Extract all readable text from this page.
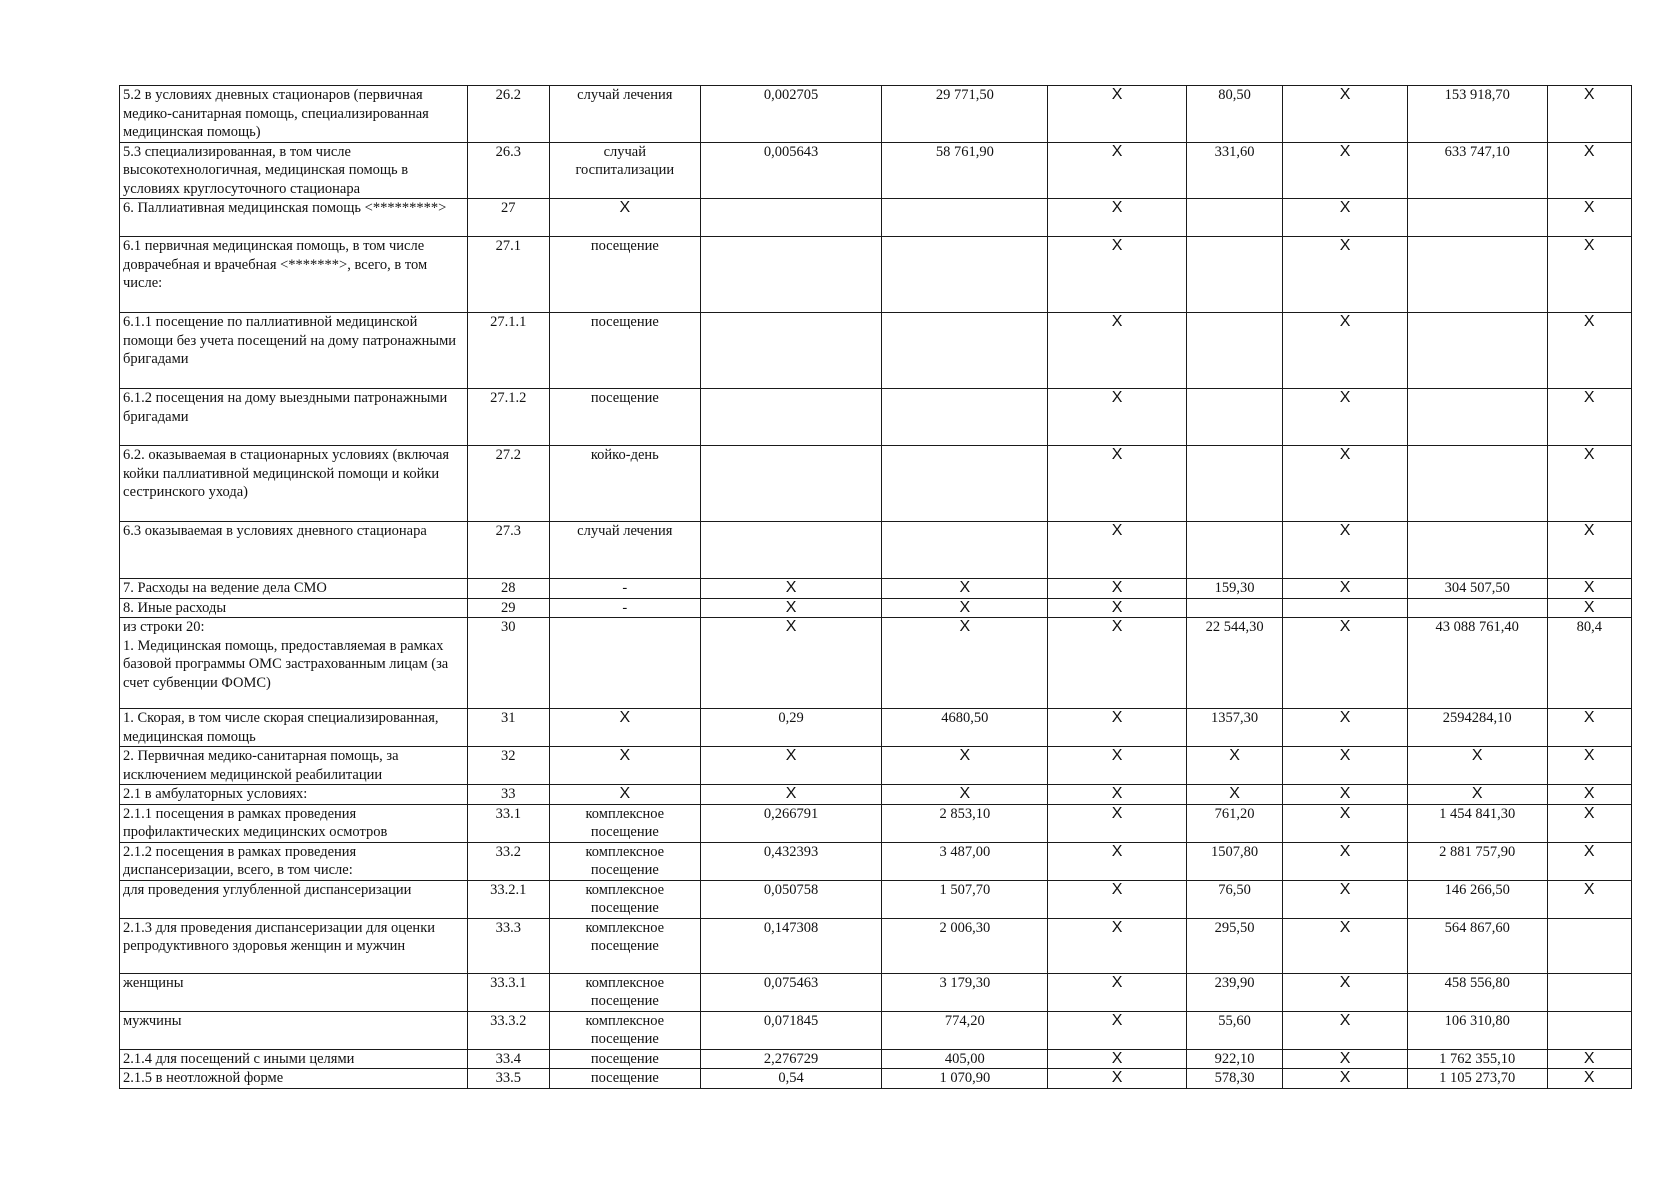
5.2 в условиях дневных стационаров (первичная медико-санитарная помощь, специализированная медицинская помощь)	26.2	случай лечения	0,002705	29 771,50	X	80,50	X	153 918,70	X
5.3 специализированная, в том числе высокотехнологичная, медицинская помощь в условиях круглосуточного стационара	26.3	случай госпитализации	0,005643	58 761,90	X	331,60	X	633 747,10	X
6. Паллиативная медицинская помощь <*********>	27	X			X		X		X
6.1 первичная медицинская помощь, в том числе доврачебная и врачебная <*******>, всего, в том числе:	27.1	посещение			X		X		X
6.1.1 посещение по паллиативной медицинской помощи без учета посещений на дому патронажными бригадами	27.1.1	посещение			X		X		X
6.1.2 посещения на дому выездными патронажными бригадами	27.1.2	посещение			X		X		X
6.2. оказываемая в стационарных условиях (включая койки паллиативной медицинской помощи и койки сестринского ухода)	27.2	койко-день			X		X		X
6.3 оказываемая в условиях дневного стационара	27.3	случай лечения			X		X		X
7. Расходы на ведение дела СМО	28	-	X	X	X	159,30	X	304 507,50	X
8. Иные расходы	29	-	X	X	X				X
из строки 20:
1. Медицинская помощь, предоставляемая в рамках базовой программы ОМС застрахованным лицам (за счет субвенции ФОМС)	30		X	X	X	22 544,30	X	43 088 761,40	80,4
1. Скорая, в том числе скорая специализированная, медицинская помощь	31	X	0,29	4680,50	X	1357,30	X	2594284,10	X
2. Первичная медико-санитарная помощь, за исключением медицинской реабилитации	32	X	X	X	X	X	X	X	X
2.1 в амбулаторных условиях:	33	X	X	X	X	X	X	X	X
2.1.1 посещения в рамках проведения профилактических медицинских осмотров	33.1	комплексное посещение	0,266791	2 853,10	X	761,20	X	1 454 841,30	X
2.1.2 посещения в рамках проведения диспансеризации, всего, в том числе:	33.2	комплексное посещение	0,432393	3 487,00	X	1507,80	X	2 881 757,90	X
для проведения углубленной диспансеризации	33.2.1	комплексное посещение	0,050758	1 507,70	X	76,50	X	146 266,50	X
2.1.3 для проведения диспансеризации для оценки репродуктивного здоровья женщин и мужчин	33.3	комплексное посещение	0,147308	2 006,30	X	295,50	X	564 867,60	
женщины	33.3.1	комплексное посещение	0,075463	3 179,30	X	239,90	X	458 556,80	
мужчины	33.3.2	комплексное посещение	0,071845	774,20	X	55,60	X	106 310,80	
2.1.4 для посещений с иными целями	33.4	посещение	2,276729	405,00	X	922,10	X	1 762 355,10	X
2.1.5 в неотложной форме	33.5	посещение	0,54	1 070,90	X	578,30	X	1 105 273,70	X
